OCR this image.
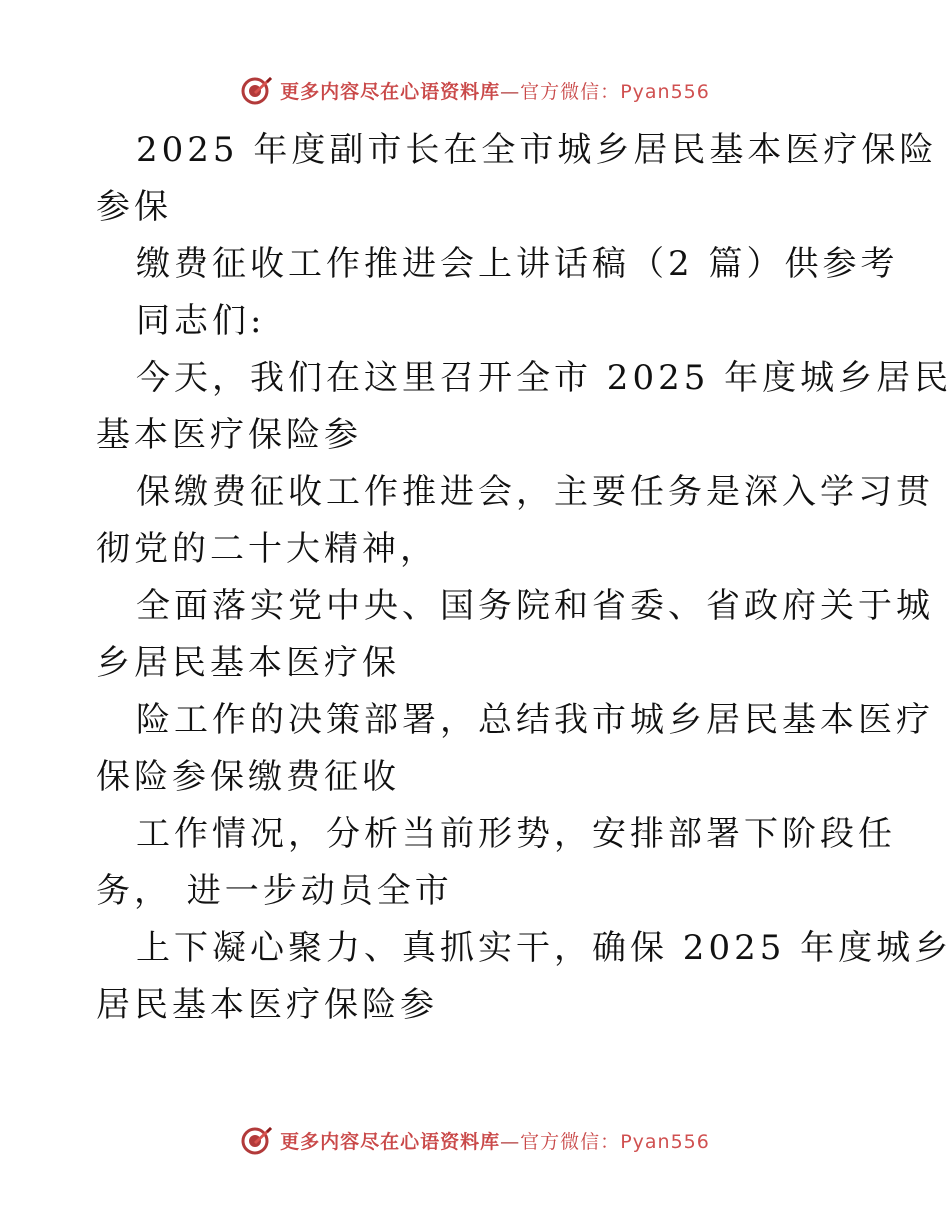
更多内容尽在心语资料库—官方微信：Pyan556
2025 年度副市长在全市城乡居民基本医疗保险
参保
缴费征收工作推进会上讲话稿（2 篇）供参考
同志们:
今天，我们在这里召开全市 2025 年度城乡居民
基本医疗保险参
保缴费征收工作推进会，主要任务是深入学习贯
彻党的二十大精神，
全面落实党中央、国务院和省委、省政府关于城
乡居民基本医疗保
险工作的决策部署，总结我市城乡居民基本医疗
保险参保缴费征收
工作情况，分析当前形势，安排部署下阶段任
务， 进一步动员全市
上下凝心聚力、真抓实干，确保 2025 年度城乡
居民基本医疗保险参
更多内容尽在心语资料库—官方微信：Pyan556
